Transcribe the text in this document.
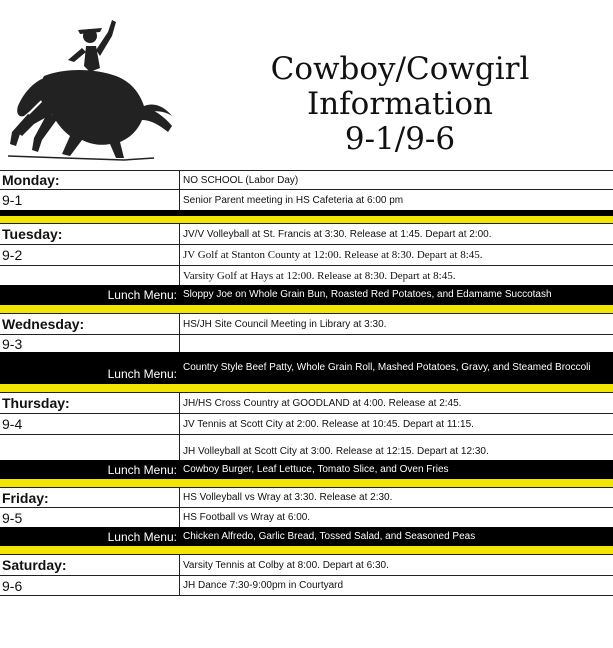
Cowboy/Cowgirl
Information
9-1/9-6
Monday:	NO SCHOOL (Labor Day)
9-1	Senior Parent meeting in HS Cafeteria at 6:00 pm
Tuesday:	JV/V Volleyball at St. Francis at 3:30. Release at 1:45. Depart at 2:00.
9-2	JV Golf at Stanton County at 12:00. Release at 8:30. Depart at 8:45.
Varsity Golf at Hays at 12:00. Release at 8:30. Depart at 8:45.
Lunch Menu: Sloppy Joe on Whole Grain Bun, Roasted Red Potatoes, and Edamame Succotash
Wednesday:	HS/JH Site Council Meeting in Library at 3:30.
9-3
Lunch Menu: Country Style Beef Patty, Whole Grain Roll, Mashed Potatoes, Gravy, and Steamed Broccoli
Thursday:	JH/HS Cross Country at GOODLAND at 4:00. Release at 2:45.
9-4	JV Tennis at Scott City at 2:00. Release at 10:45. Depart at 11:15.
JH Volleyball at Scott City at 3:00. Release at 12:15. Depart at 12:30.
Lunch Menu: Cowboy Burger, Leaf Lettuce, Tomato Slice, and Oven Fries
Friday:	HS Volleyball vs Wray at 3:30. Release at 2:30.
9-5	HS Football vs Wray at 6:00.
Lunch Menu: Chicken Alfredo, Garlic Bread, Tossed Salad, and Seasoned Peas
Saturday:	Varsity Tennis at Colby at 8:00. Depart at 6:30.
9-6	JH Dance 7:30-9:00pm in Courtyard
